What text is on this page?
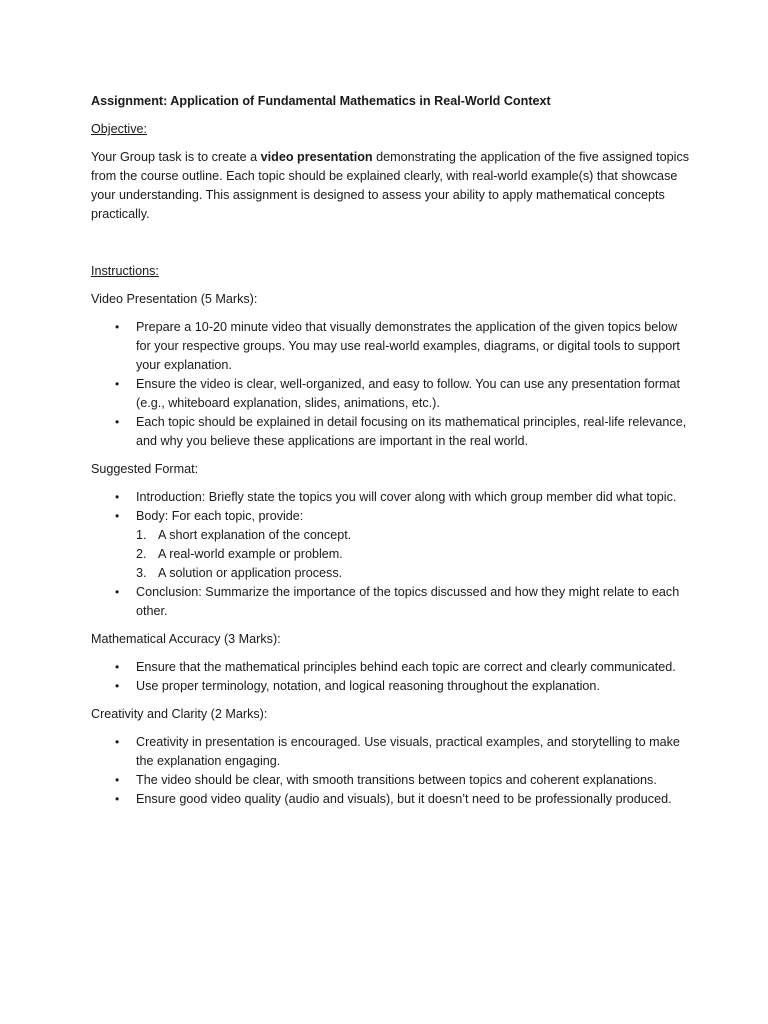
Assignment: Application of Fundamental Mathematics in Real-World Context

Objective:

Your Group task is to create a video presentation demonstrating the application of the five assigned topics from the course outline. Each topic should be explained clearly, with real-world example(s) that showcase your understanding. This assignment is designed to assess your ability to apply mathematical concepts practically.

Instructions:

Video Presentation (5 Marks):

• Prepare a 10-20 minute video that visually demonstrates the application of the given topics below for your respective groups. You may use real-world examples, diagrams, or digital tools to support your explanation.
• Ensure the video is clear, well-organized, and easy to follow. You can use any presentation format (e.g., whiteboard explanation, slides, animations, etc.).
• Each topic should be explained in detail focusing on its mathematical principles, real-life relevance, and why you believe these applications are important in the real world.

Suggested Format:

• Introduction: Briefly state the topics you will cover along with which group member did what topic.
• Body: For each topic, provide:
1. A short explanation of the concept.
2. A real-world example or problem.
3. A solution or application process.
• Conclusion: Summarize the importance of the topics discussed and how they might relate to each other.

Mathematical Accuracy (3 Marks):

• Ensure that the mathematical principles behind each topic are correct and clearly communicated.
• Use proper terminology, notation, and logical reasoning throughout the explanation.

Creativity and Clarity (2 Marks):

• Creativity in presentation is encouraged. Use visuals, practical examples, and storytelling to make the explanation engaging.
• The video should be clear, with smooth transitions between topics and coherent explanations.
• Ensure good video quality (audio and visuals), but it doesn’t need to be professionally produced.
